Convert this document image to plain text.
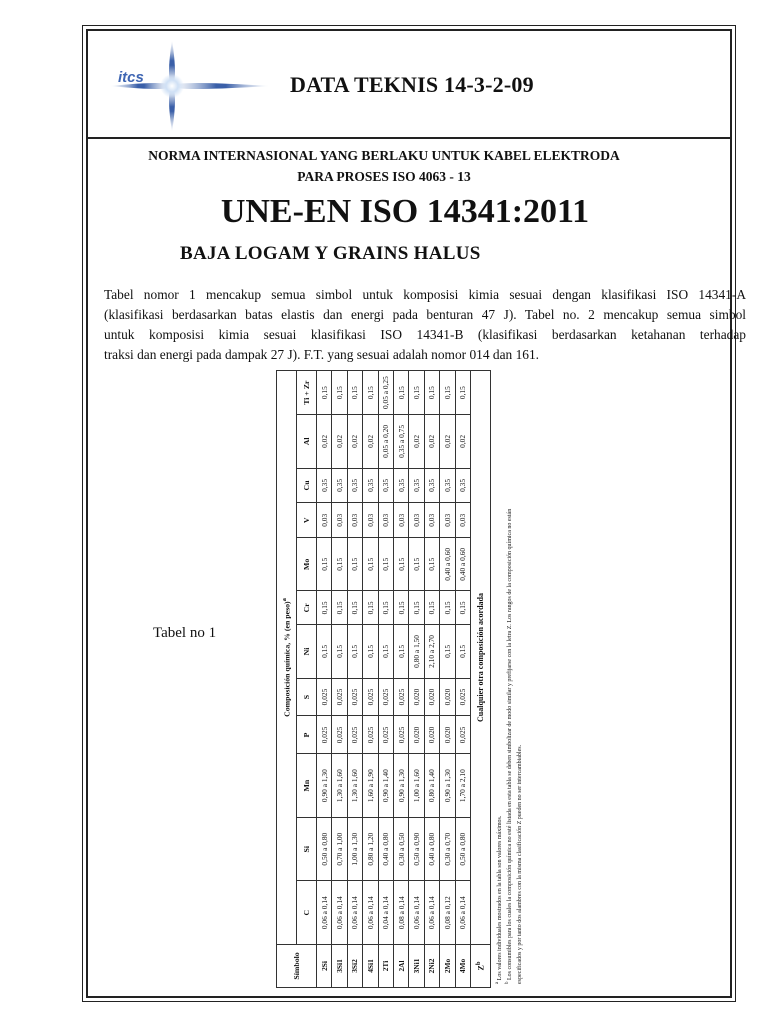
itcs	DATA TEKNIS 14-3-2-09
NORMA INTERNASIONAL YANG BERLAKU UNTUK KABEL ELEKTRODA
PARA PROSES ISO 4063 - 13
UNE-EN ISO 14341:2011
BAJA LOGAM Y GRAINS HALUS
Tabel nomor 1 mencakup semua simbol untuk komposisi kimia sesuai dengan klasifikasi ISO 14341-A
(klasifikasi berdasarkan batas elastis dan energi pada benturan 47 J). Tabel no. 2 mencakup semua simbol
untuk komposisi kimia sesuai klasifikasi ISO 14341-B (klasifikasi berdasarkan ketahanan terhadap
traksi dan energi pada dampak 27 J). F.T. yang sesuai adalah nomor 014 dan 161.
Tabel no 1
Símbolo	Composición química, % (en peso)$^a$
	C	Si	Mn	P	S	Ni	Cr	Mo	V	Cu	Al	Ti + Zr
2Si	0,06 a 0,14	0,50 a 0,80	0,90 a 1,30	0,025	0,025	0,15	0,15	0,15	0,03	0,35	0,02	0,15
3Si1	0,06 a 0,14	0,70 a 1,00	1,30 a 1,60	0,025	0,025	0,15	0,15	0,15	0,03	0,35	0,02	0,15
3Si2	0,06 a 0,14	1,00 a 1,30	1,30 a 1,60	0,025	0,025	0,15	0,15	0,15	0,03	0,35	0,02	0,15
4Si1	0,06 a 0,14	0,80 a 1,20	1,60 a 1,90	0,025	0,025	0,15	0,15	0,15	0,03	0,35	0,02	0,15
2Ti	0,04 a 0,14	0,40 a 0,80	0,90 a 1,40	0,025	0,025	0,15	0,15	0,15	0,03	0,35	0,05 a 0,20	0,05 a 0,25
2Al	0,08 a 0,14	0,30 a 0,50	0,90 a 1,30	0,025	0,025	0,15	0,15	0,15	0,03	0,35	0,35 a 0,75	0,15
3Ni1	0,06 a 0,14	0,50 a 0,90	1,00 a 1,60	0,020	0,020	0,80 a 1,50	0,15	0,15	0,03	0,35	0,02	0,15
2Ni2	0,06 a 0,14	0,40 a 0,80	0,80 a 1,40	0,020	0,020	2,10 a 2,70	0,15	0,15	0,03	0,35	0,02	0,15
2Mo	0,08 a 0,12	0,30 a 0,70	0,90 a 1,30	0,020	0,020	0,15	0,15	0,40 a 0,60	0,03	0,35	0,02	0,15
4Mo	0,06 a 0,14	0,50 a 0,80	1,70 a 2,10	0,025	0,025	0,15	0,15	0,40 a 0,60	0,03	0,35	0,02	0,15
$Z^b$	Cualquier otra composición acordada											
$^a$ Los valores individuales mostrados en la tabla son valores máximos.
$^b$ Los consumibles para los cuales la composición química no esté listada en esta tabla se deben simbolizar de modo similar y prefijarse con la letra Z. Los rangos de la composición química no están especificados y por tanto dos alambres con la misma clasificación Z pueden no ser intercambiables.
